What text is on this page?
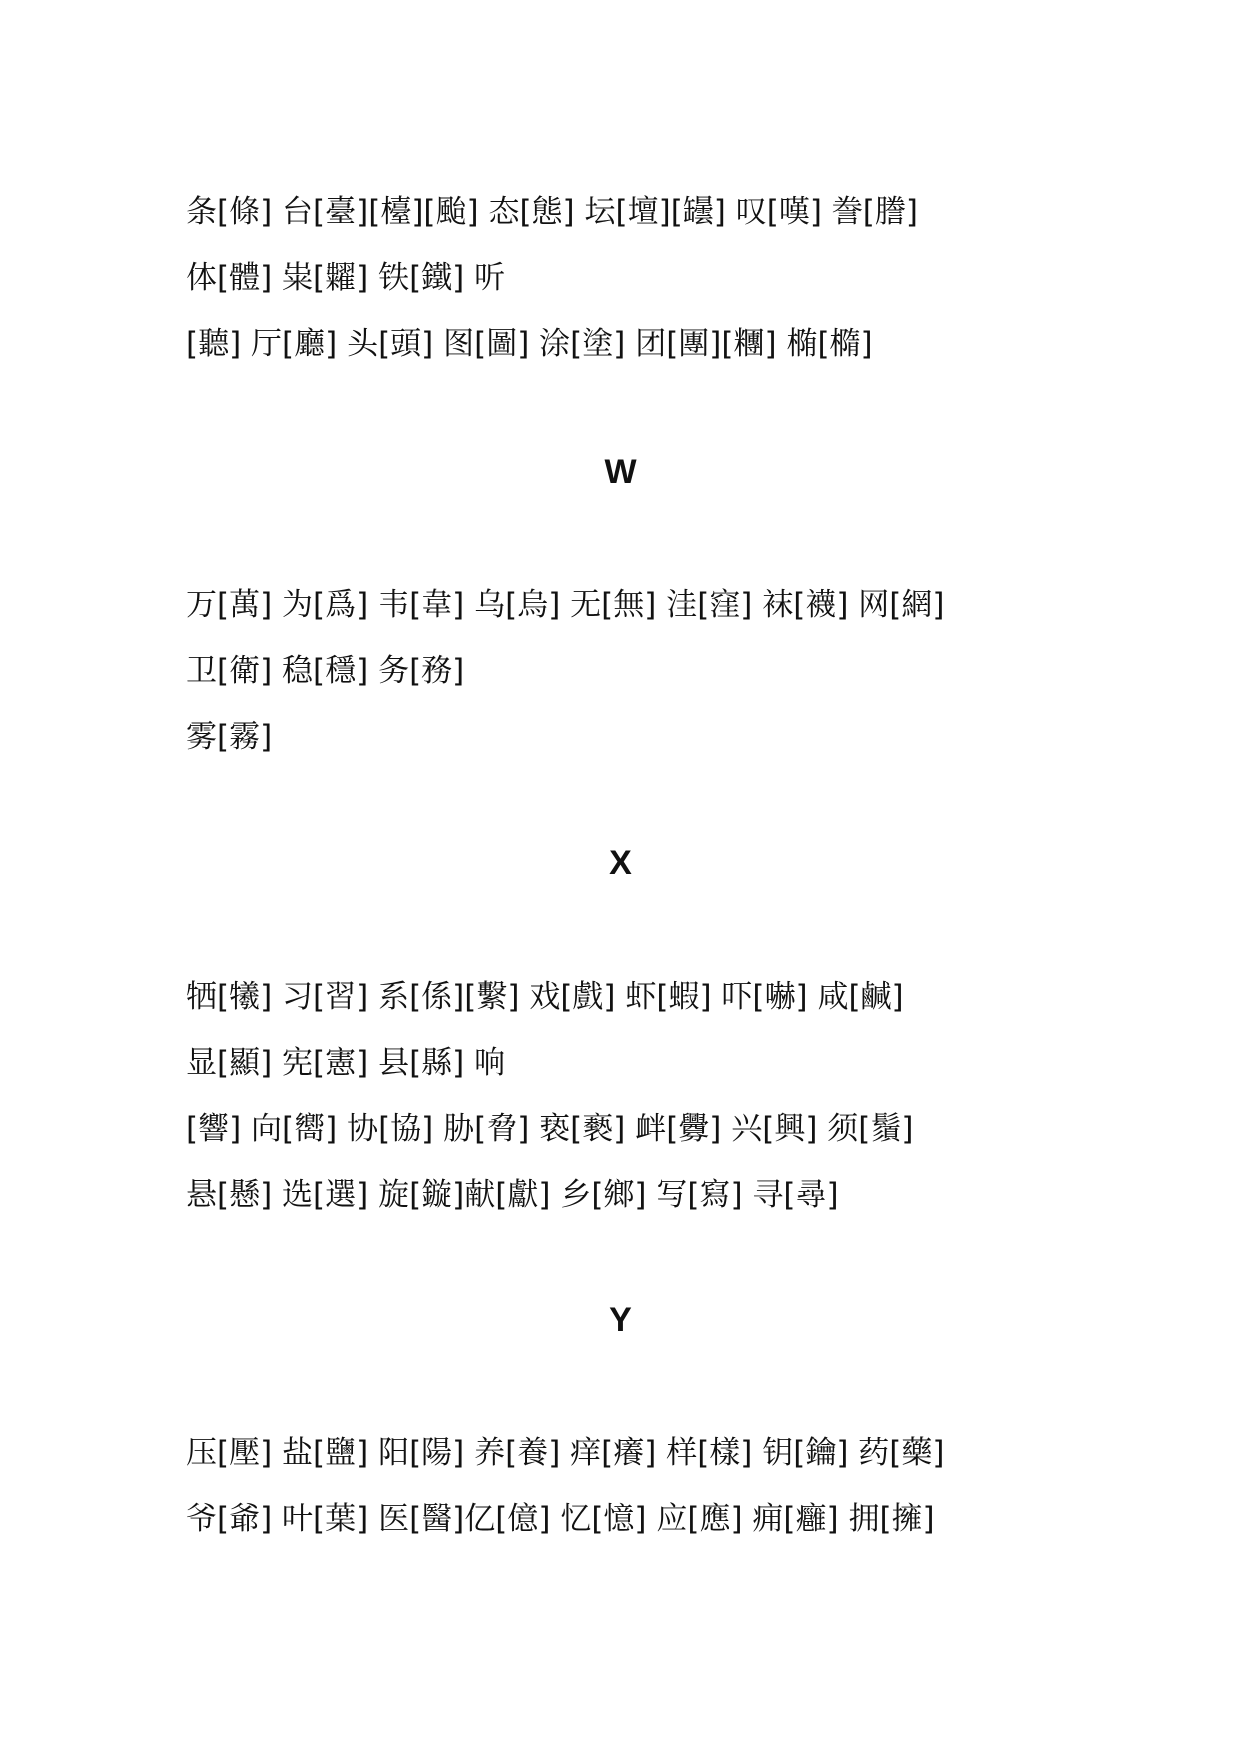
条[條] 台[臺][檯][颱] 态[態] 坛[壇][罎] 叹[嘆] 誊[謄]
体[體] 粜[糶] 铁[鐵] 听
[聽] 厅[廳] 头[頭] 图[圖] 涂[塗] 团[團][糰] 椭[橢]
W
万[萬] 为[爲] 韦[韋] 乌[烏] 无[無] 洼[窪] 袜[襪] 网[網]
卫[衛] 稳[穩] 务[務]
雾[霧]
X
牺[犧] 习[習] 系[係][繫] 戏[戲] 虾[蝦] 吓[嚇] 咸[鹹]
显[顯] 宪[憲] 县[縣] 响
[響] 向[嚮] 协[協] 胁[脅] 亵[褻] 衅[釁] 兴[興] 须[鬚]
悬[懸] 选[選] 旋[鏇]献[獻] 乡[鄉] 写[寫] 寻[尋]
Y
压[壓] 盐[鹽] 阳[陽] 养[養] 痒[癢] 样[樣] 钥[鑰] 药[藥]
爷[爺] 叶[葉] 医[醫]亿[億] 忆[憶] 应[應] 痈[癰] 拥[擁]
